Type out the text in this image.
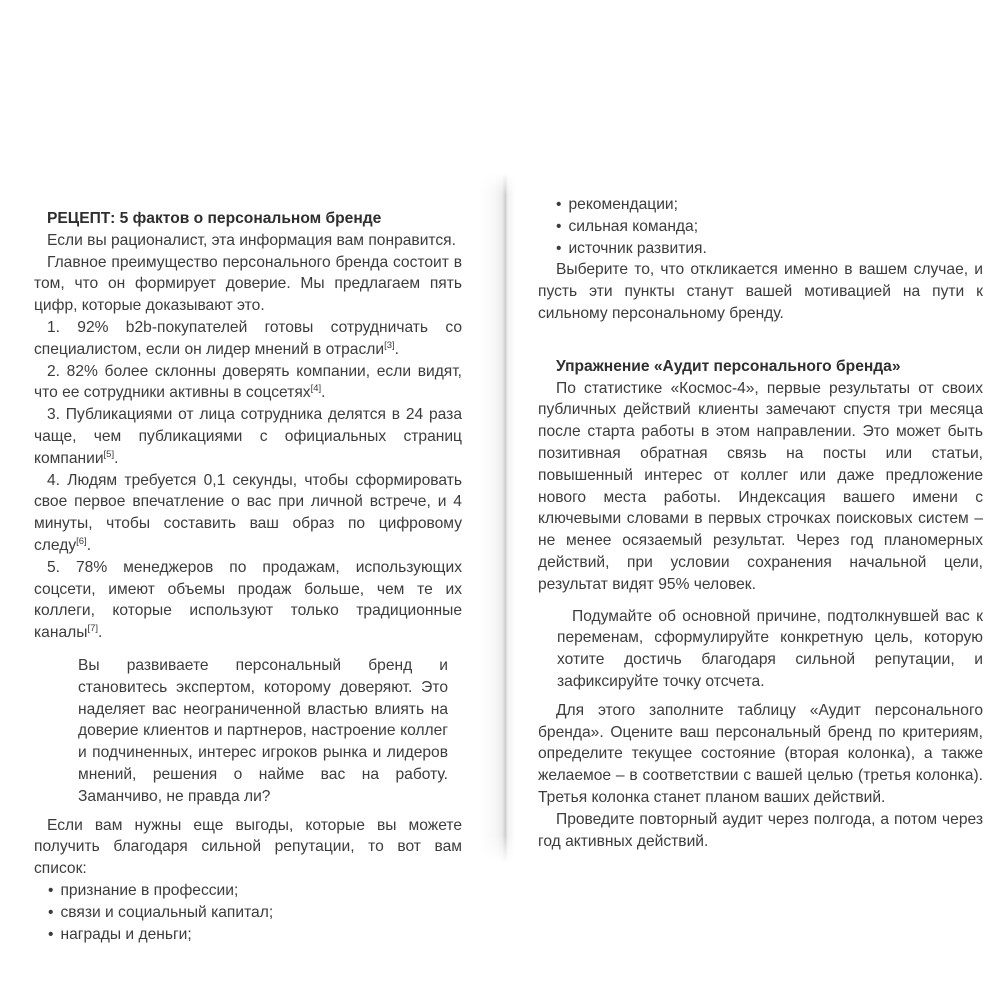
РЕЦЕПТ: 5 фактов о персональном бренде

Если вы рационалист, эта информация вам понравится.

Главное преимущество персонального бренда состоит в том, что он формирует доверие. Мы предлагаем пять цифр, которые доказывают это.

1. 92% b2b-покупателей готовы сотрудничать со специалистом, если он лидер мнений в отрасли[3].

2. 82% более склонны доверять компании, если видят, что ее сотрудники активны в соцсетях[4].

3. Публикациями от лица сотрудника делятся в 24 раза чаще, чем публикациями с официальных страниц компании[5].

4. Людям требуется 0,1 секунды, чтобы сформировать свое первое впечатление о вас при личной встрече, и 4 минуты, чтобы составить ваш образ по цифровому следу[6].

5. 78% менеджеров по продажам, использующих соцсети, имеют объемы продаж больше, чем те их коллеги, которые используют только традиционные каналы[7].

Вы развиваете персональный бренд и становитесь экспертом, которому доверяют. Это наделяет вас неограниченной властью влиять на доверие клиентов и партнеров, настроение коллег и подчиненных, интерес игроков рынка и лидеров мнений, решения о найме вас на работу. Заманчиво, не правда ли?

Если вам нужны еще выгоды, которые вы можете получить благодаря сильной репутации, то вот вам список:

• признание в профессии;
• связи и социальный капитал;
• награды и деньги;
• рекомендации;
• сильная команда;
• источник развития.

Выберите то, что откликается именно в вашем случае, и пусть эти пункты станут вашей мотивацией на пути к сильному персональному бренду.

Упражнение «Аудит персонального бренда»

По статистике «Космос-4», первые результаты от своих публичных действий клиенты замечают спустя три месяца после старта работы в этом направлении. Это может быть позитивная обратная связь на посты или статьи, повышенный интерес от коллег или даже предложение нового места работы. Индексация вашего имени с ключевыми словами в первых строчках поисковых систем – не менее осязаемый результат. Через год планомерных действий, при условии сохранения начальной цели, результат видят 95% человек.

Подумайте об основной причине, подтолкнувшей вас к переменам, сформулируйте конкретную цель, которую хотите достичь благодаря сильной репутации, и зафиксируйте точку отсчета.

Для этого заполните таблицу «Аудит персонального бренда». Оцените ваш персональный бренд по критериям, определите текущее состояние (вторая колонка), а также желаемое – в соответствии с вашей целью (третья колонка). Третья колонка станет планом ваших действий.

Проведите повторный аудит через полгода, а потом через год активных действий.
